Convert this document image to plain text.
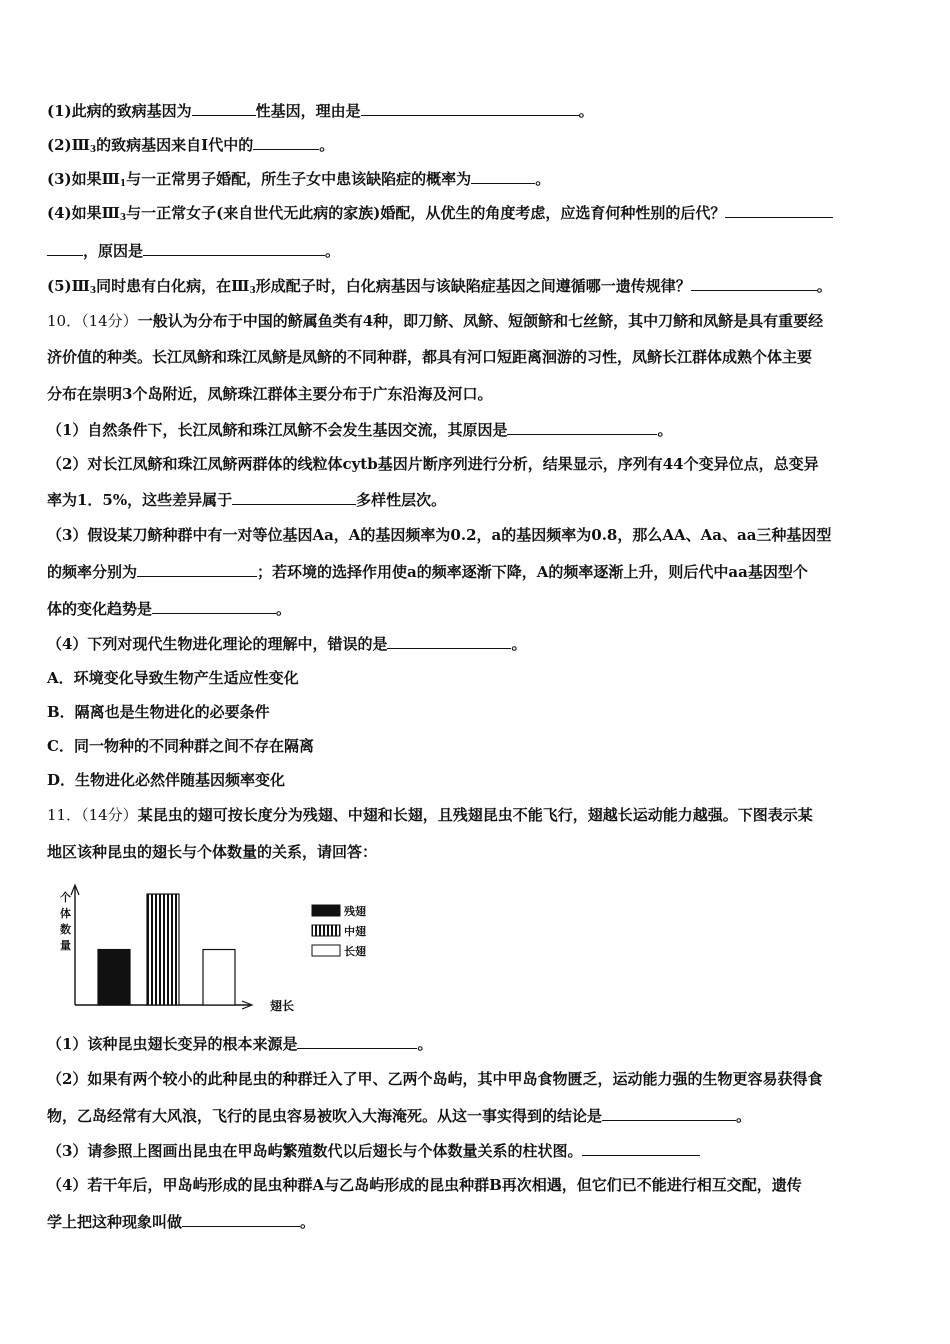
(1)此病的致病基因为	性基因，理由是	。
$(2)Ⅲ_3$的致病基因来自Ⅰ代中的	。
(3)如果$Ⅲ_1$与一正常男子婚配，所生子女中患该缺陷症的概率为	。
(4)如果$Ⅲ_3$与一正常女子(来自世代无此病的家族)婚配，从优生的角度考虑，应选育何种性别的后代？
，原因是	。
$(5)Ⅲ_3$同时患有白化病，在$Ⅲ_3$形成配子时，白化病基因与该缺陷症基因之间遵循哪一遗传规律？	。
10．（14分）一般认为分布于中国的鲚属鱼类有4种，即刀鲚、凤鲚、短颌鲚和七丝鲚，其中刀鲚和凤鲚是具有重要经
济价值的种类。长江凤鲚和珠江凤鲚是凤鲚的不同种群，都具有河口短距离洄游的习性，凤鲚长江群体成熟个体主要
分布在崇明3个岛附近，凤鲚珠江群体主要分布于广东沿海及河口。
（1）自然条件下，长江凤鲚和珠江凤鲚不会发生基因交流，其原因是	。
（2）对长江凤鲚和珠江凤鲚两群体的线粒体cytb基因片断序列进行分析，结果显示，序列有44个变异位点，总变异
率为1．5%，这些差异属于	多样性层次。
（3）假设某刀鲚种群中有一对等位基因Aa，A的基因频率为0.2，a的基因频率为0.8，那么AA、Aa、aa三种基因型
的频率分别为	；若环境的选择作用使a的频率逐渐下降，A的频率逐渐上升，则后代中aa基因型个
体的变化趋势是	。
（4）下列对现代生物进化理论的理解中，错误的是	。
A．环境变化导致生物产生适应性变化
B．隔离也是生物进化的必要条件
C．同一物种的不同种群之间不存在隔离
D．生物进化必然伴随基因频率变化
11．（14分）某昆虫的翅可按长度分为残翅、中翅和长翅，且残翅昆虫不能飞行，翅越长运动能力越强。下图表示某
地区该种昆虫的翅长与个体数量的关系，请回答：
个
体
数
量
翅长
残翅
中翅
长翅
（1）该种昆虫翅长变异的根本来源是	。
（2）如果有两个较小的此种昆虫的种群迁入了甲、乙两个岛屿，其中甲岛食物匮乏，运动能力强的生物更容易获得食
物，乙岛经常有大风浪，飞行的昆虫容易被吹入大海淹死。从这一事实得到的结论是	。
（3）请参照上图画出昆虫在甲岛屿繁殖数代以后翅长与个体数量关系的柱状图。
（4）若干年后，甲岛屿形成的昆虫种群A与乙岛屿形成的昆虫种群B再次相遇，但它们已不能进行相互交配，遗传
学上把这种现象叫做	。
